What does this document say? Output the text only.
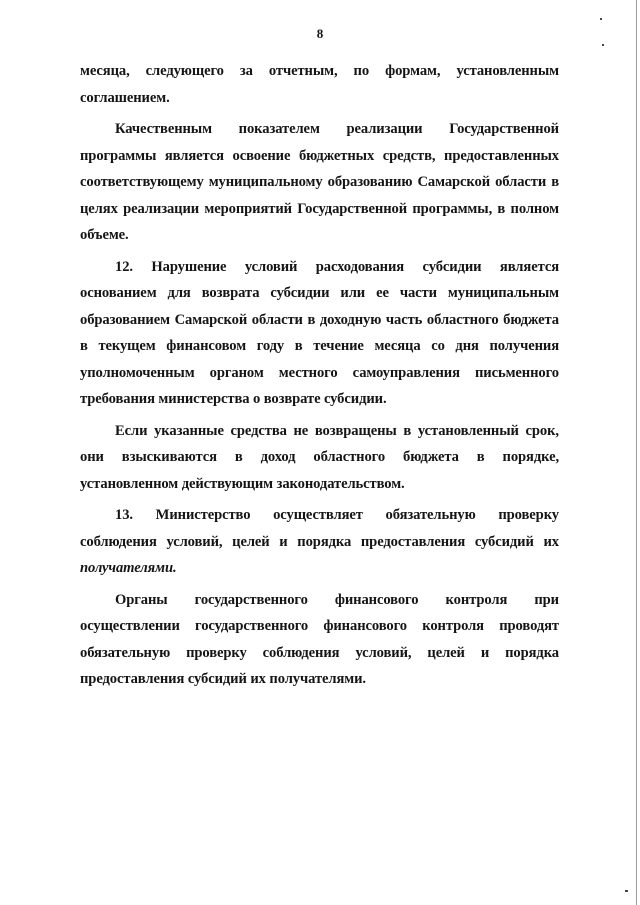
8

месяца, следующего за отчетным, по формам, установленным соглашением.

Качественным показателем реализации Государственной программы является освоение бюджетных средств, предоставленных соответствующему муниципальному образованию Самарской области в целях реализации мероприятий Государственной программы, в полном объеме.

12. Нарушение условий расходования субсидии является основанием для возврата субсидии или ее части муниципальным образованием Самарской области в доходную часть областного бюджета в текущем финансовом году в течение месяца со дня получения уполномоченным органом местного самоуправления письменного требования министерства о возврате субсидии.

Если указанные средства не возвращены в установленный срок, они взыскиваются в доход областного бюджета в порядке, установленном действующим законодательством.

13. Министерство осуществляет обязательную проверку соблюдения условий, целей и порядка предоставления субсидий их получателями.

Органы государственного финансового контроля при осуществлении государственного финансового контроля проводят обязательную проверку соблюдения условий, целей и порядка предоставления субсидий их получателями.
